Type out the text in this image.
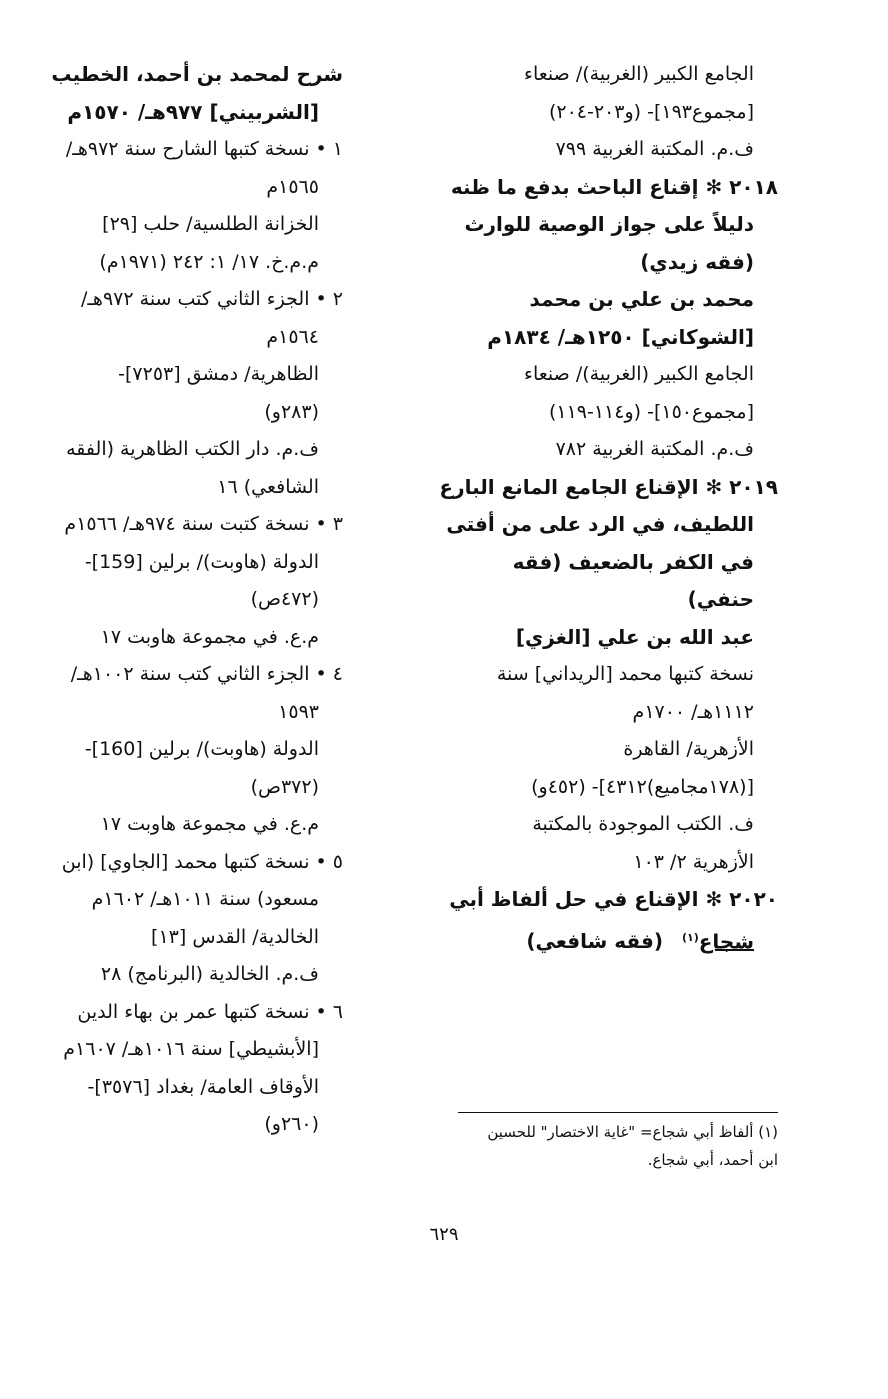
الجامع الكبير (الغربية)/ صنعاء
[مجموع١٩٣]- (و٢٠٣-٢٠٤)
ف.م. المكتبة الغربية ٧٩٩
٢٠١٨ ✻ إقناع الباحث بدفع ما ظنه
دليلاً على جواز الوصية للوارث
(فقه زيدي)
محمد بن علي بن محمد
[الشوكاني] ١٢٥٠هـ/ ١٨٣٤م
الجامع الكبير (الغربية)/ صنعاء
[مجموع١٥٠]- (و١١٤-١١٩)
ف.م. المكتبة الغربية ٧٨٢
٢٠١٩ ✻ الإقناع الجامع المانع البارع
اللطيف، في الرد على من أفتى
في الكفر بالضعيف (فقه
حنفي)
عبد الله بن علي [الغزي]
نسخة كتبها محمد [الريداني] سنة
١١١٢هـ/ ١٧٠٠م
الأزهرية/ القاهرة
[(١٧٨مجاميع)٤٣١٢]- (٤٥٢و)
ف. الكتب الموجودة بالمكتبة
الأزهرية ٢/ ١٠٣
٢٠٢٠ ✻ الإقناع في حل ألفاظ أبي
شجاع$^{(١)}$ (فقه شافعي)
شرح لمحمد بن أحمد، الخطيب
[الشربيني] ٩٧٧هـ/ ١٥٧٠م
١ • نسخة كتبها الشارح سنة ٩٧٢هـ/
١٥٦٥م
الخزانة الطلسية/ حلب [٢٩]
م.م.خ. ١٧/ ١: ٢٤٢ (١٩٧١م)
٢ • الجزء الثاني كتب سنة ٩٧٢هـ/
١٥٦٤م
الظاهرية/ دمشق [٧٢٥٣]-
(٢٨٣و)
ف.م. دار الكتب الظاهرية (الفقه
الشافعي) ١٦
٣ • نسخة كتبت سنة ٩٧٤هـ/ ١٥٦٦م
الدولة (هاوبت)/ برلين [159]-
(٤٧٢ص)
م.ع. في مجموعة هاوبت ١٧
٤ • الجزء الثاني كتب سنة ١٠٠٢هـ/
١٥٩٣
الدولة (هاوبت)/ برلين [160]-
(٣٧٢ص)
م.ع. في مجموعة هاوبت ١٧
٥ • نسخة كتبها محمد [الجاوي] (ابن
مسعود) سنة ١٠١١هـ/ ١٦٠٢م
الخالدية/ القدس [١٣]
ف.م. الخالدية (البرنامج) ٢٨
٦ • نسخة كتبها عمر بن بهاء الدين
[الأبشيطي] سنة ١٠١٦هـ/ ١٦٠٧م
الأوقاف العامة/ بغداد [٣٥٧٦]-
(٢٦٠و)	(١) ألفاظ أبي شجاع= "غاية الاختصار" للحسين
ابن أحمد، أبي شجاع.
٦٢٩
